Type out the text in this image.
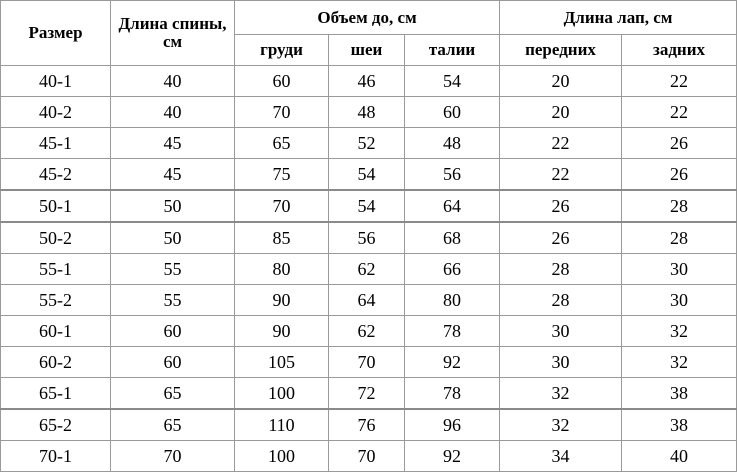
Размер	Длина спины, см	Объем до, см			Длина лап, см	
		груди	шеи	талии	передних	задних
40-1	40	60	46	54	20	22
40-2	40	70	48	60	20	22
45-1	45	65	52	48	22	26
45-2	45	75	54	56	22	26
50-1	50	70	54	64	26	28
50-2	50	85	56	68	26	28
55-1	55	80	62	66	28	30
55-2	55	90	64	80	28	30
60-1	60	90	62	78	30	32
60-2	60	105	70	92	30	32
65-1	65	100	72	78	32	38
65-2	65	110	76	96	32	38
70-1	70	100	70	92	34	40
